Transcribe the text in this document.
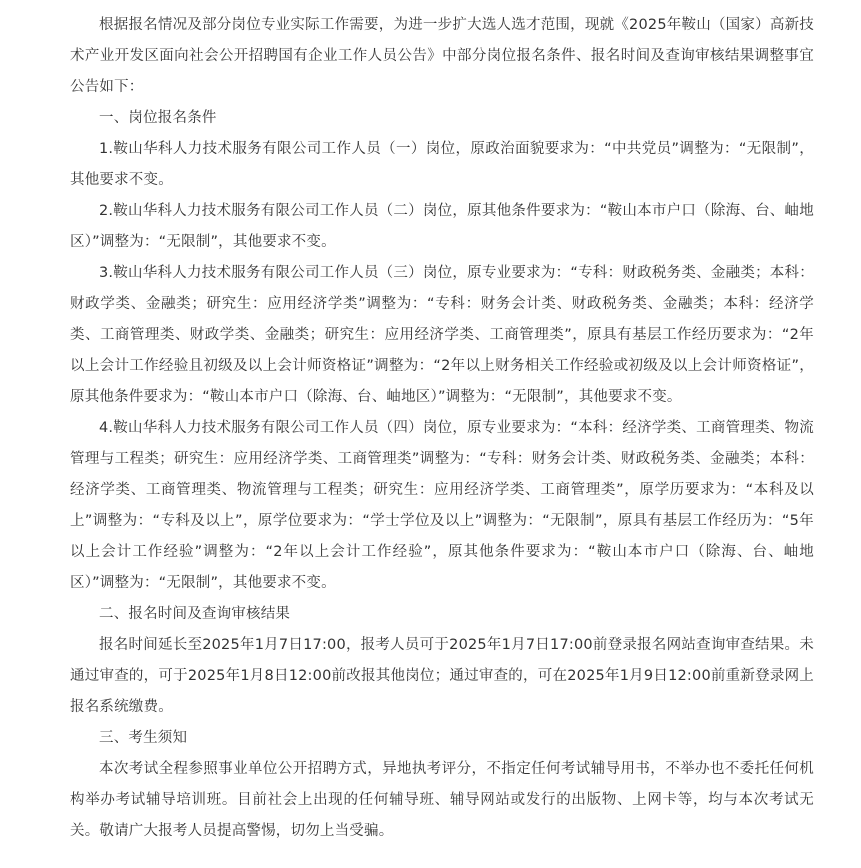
根据报名情况及部分岗位专业实际工作需要，为进一步扩大选人选才范围，现就《2025年鞍山（国家）高新技术产业开发区面向社会公开招聘国有企业工作人员公告》中部分岗位报名条件、报名时间及查询审核结果调整事宜公告如下：

一、岗位报名条件

1.鞍山华科人力技术服务有限公司工作人员（一）岗位，原政治面貌要求为：“中共党员”调整为：“无限制”，其他要求不变。

2.鞍山华科人力技术服务有限公司工作人员（二）岗位，原其他条件要求为：“鞍山本市户口（除海、台、岫地区）”调整为：“无限制”，其他要求不变。

3.鞍山华科人力技术服务有限公司工作人员（三）岗位，原专业要求为：“专科：财政税务类、金融类；本科：财政学类、金融类；研究生：应用经济学类”调整为：“专科：财务会计类、财政税务类、金融类；本科：经济学类、工商管理类、财政学类、金融类；研究生：应用经济学类、工商管理类”，原具有基层工作经历要求为：“2年以上会计工作经验且初级及以上会计师资格证”调整为：“2年以上财务相关工作经验或初级及以上会计师资格证”，原其他条件要求为：“鞍山本市户口（除海、台、岫地区）”调整为：“无限制”，其他要求不变。

4.鞍山华科人力技术服务有限公司工作人员（四）岗位，原专业要求为：“本科：经济学类、工商管理类、物流管理与工程类；研究生：应用经济学类、工商管理类”调整为：“专科：财务会计类、财政税务类、金融类；本科：经济学类、工商管理类、物流管理与工程类；研究生：应用经济学类、工商管理类”，原学历要求为：“本科及以上”调整为：“专科及以上”，原学位要求为：“学士学位及以上”调整为：“无限制”，原具有基层工作经历为：“5年以上会计工作经验”调整为：“2年以上会计工作经验”，原其他条件要求为：“鞍山本市户口（除海、台、岫地区）”调整为：“无限制”，其他要求不变。

二、报名时间及查询审核结果

报名时间延长至2025年1月7日17:00，报考人员可于2025年1月7日17:00前登录报名网站查询审查结果。未通过审查的，可于2025年1月8日12:00前改报其他岗位；通过审查的，可在2025年1月9日12:00前重新登录网上报名系统缴费。

三、考生须知

本次考试全程参照事业单位公开招聘方式，异地执考评分，不指定任何考试辅导用书，不举办也不委托任何机构举办考试辅导培训班。目前社会上出现的任何辅导班、辅导网站或发行的出版物、上网卡等，均与本次考试无关。敬请广大报考人员提高警惕，切勿上当受骗。
